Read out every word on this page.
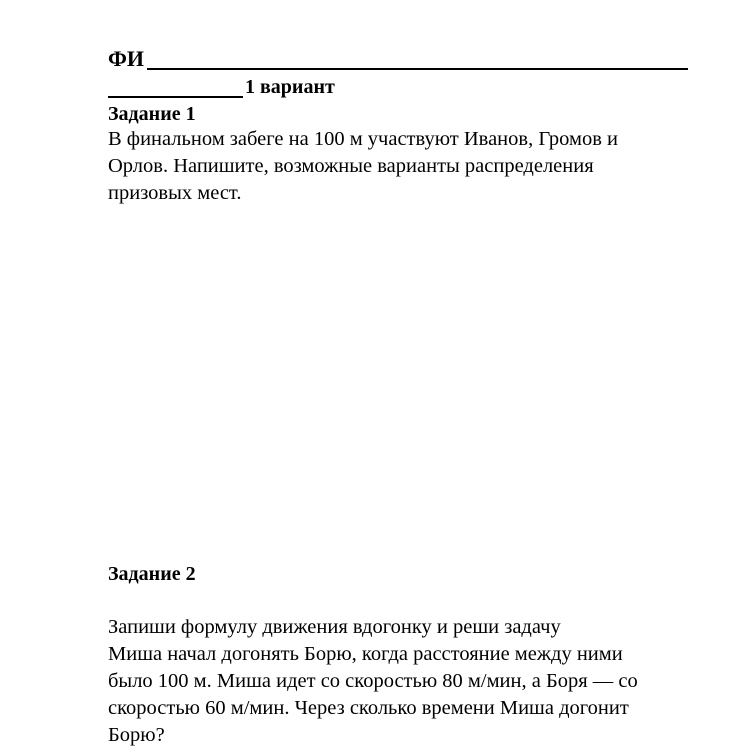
ФИ
1 вариант
Задание 1

В финальном забеге на 100 м участвуют Иванов, Громов и
Орлов. Напишите, возможные варианты распределения
призовых мест.

Задание 2

Запиши формулу движения вдогонку и реши задачу
Миша начал догонять Борю, когда расстояние между ними
было 100 м. Миша идет со скоростью 80 м/мин, а Боря — со
скоростью 60 м/мин. Через сколько времени Миша догонит
Борю?
